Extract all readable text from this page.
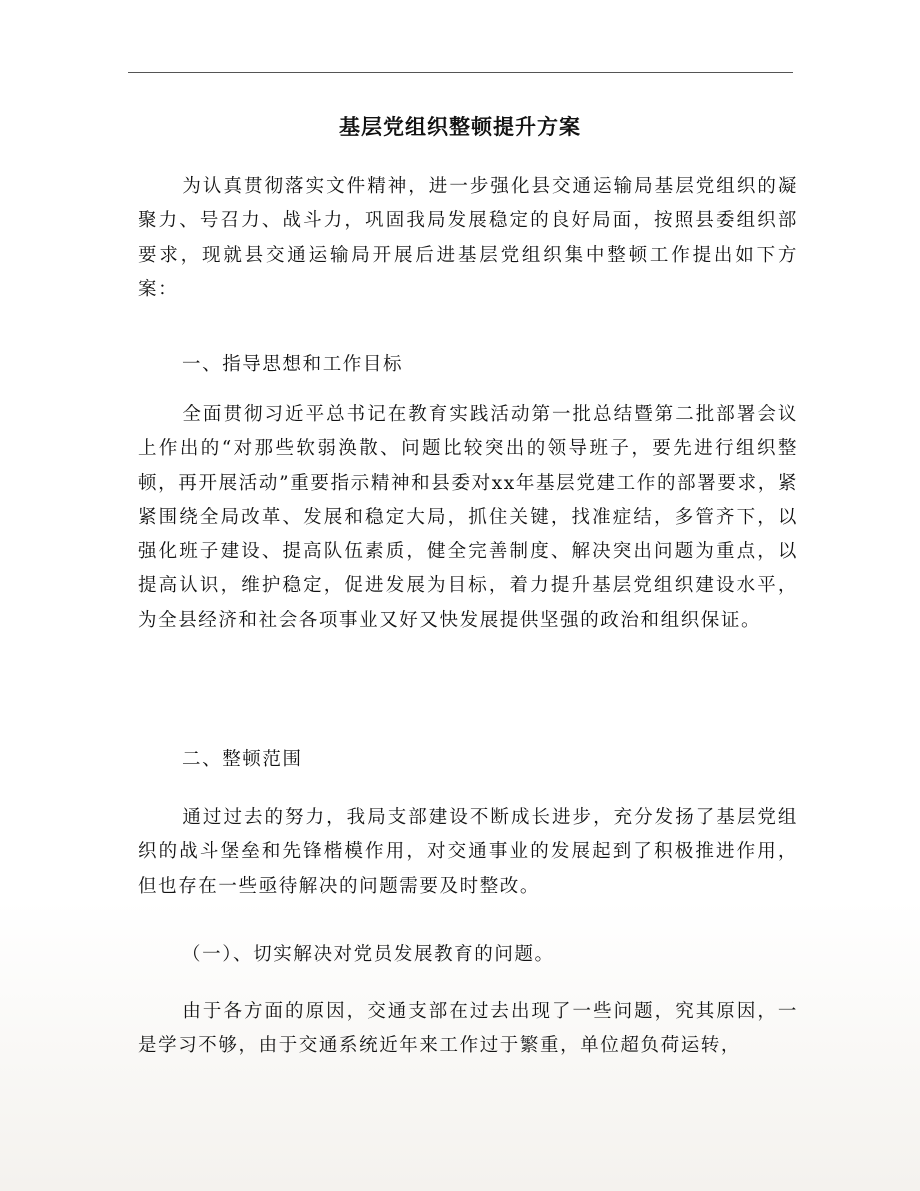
基层党组织整顿提升方案

为认真贯彻落实文件精神，进一步强化县交通运输局基层党组织的凝聚力、号召力、战斗力，巩固我局发展稳定的良好局面，按照县委组织部要求，现就县交通运输局开展后进基层党组织集中整顿工作提出如下方案：

一、指导思想和工作目标

全面贯彻习近平总书记在教育实践活动第一批总结暨第二批部署会议上作出的“对那些软弱涣散、问题比较突出的领导班子，要先进行组织整顿，再开展活动”重要指示精神和县委对xx年基层党建工作的部署要求，紧紧围绕全局改革、发展和稳定大局，抓住关键，找准症结，多管齐下，以强化班子建设、提高队伍素质，健全完善制度、解决突出问题为重点，以提高认识，维护稳定，促进发展为目标，着力提升基层党组织建设水平，为全县经济和社会各项事业又好又快发展提供坚强的政治和组织保证。

二、整顿范围

通过过去的努力，我局支部建设不断成长进步，充分发扬了基层党组织的战斗堡垒和先锋楷模作用，对交通事业的发展起到了积极推进作用，但也存在一些亟待解决的问题需要及时整改。

（一）、切实解决对党员发展教育的问题。

由于各方面的原因，交通支部在过去出现了一些问题，究其原因，一是学习不够，由于交通系统近年来工作过于繁重，单位超负荷运转，
